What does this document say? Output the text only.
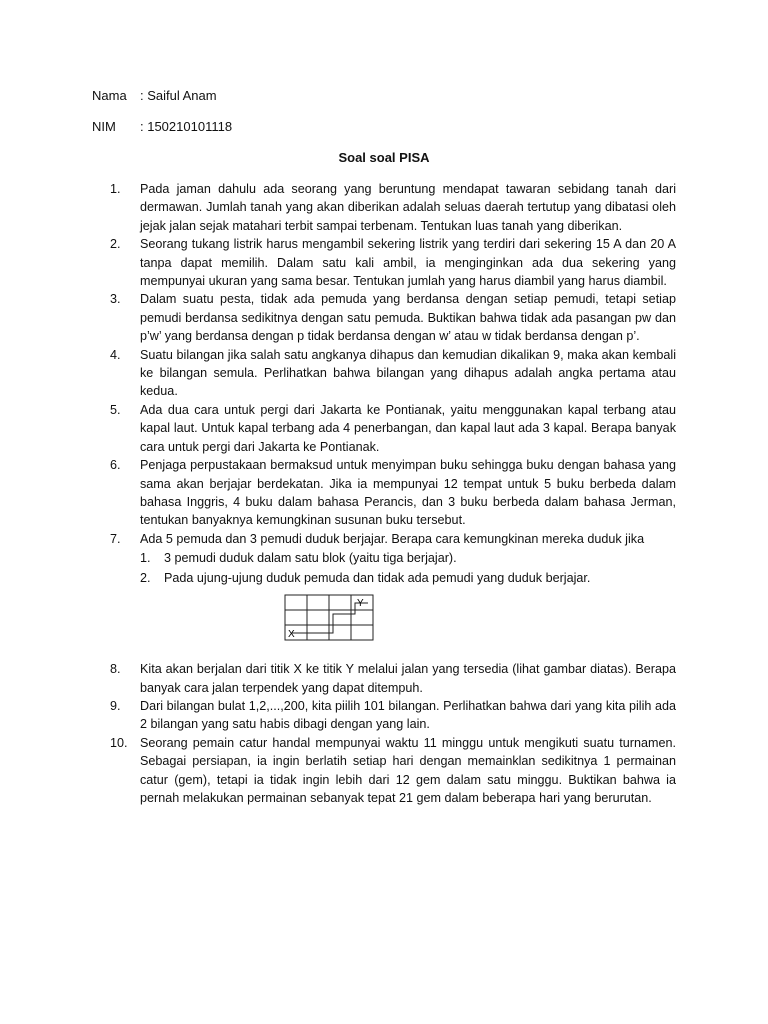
Nama : Saiful Anam
NIM : 150210101118
Soal soal PISA
1. Pada jaman dahulu ada seorang yang beruntung mendapat tawaran sebidang tanah dari dermawan. Jumlah tanah yang akan diberikan adalah seluas daerah tertutup yang dibatasi oleh jejak jalan sejak matahari terbit sampai terbenam. Tentukan luas tanah yang diberikan.
2. Seorang tukang listrik harus mengambil sekering listrik yang terdiri dari sekering 15 A dan 20 A tanpa dapat memilih. Dalam satu kali ambil, ia menginginkan ada dua sekering yang mempunyai ukuran yang sama besar. Tentukan jumlah yang harus diambil yang harus diambil.
3. Dalam suatu pesta, tidak ada pemuda yang berdansa dengan setiap pemudi, tetapi setiap pemudi berdansa sedikitnya dengan satu pemuda. Buktikan bahwa tidak ada pasangan pw dan p’w’ yang berdansa dengan p tidak berdansa dengan w’ atau w tidak berdansa dengan p’.
4. Suatu bilangan jika salah satu angkanya dihapus dan kemudian dikalikan 9, maka akan kembali ke bilangan semula. Perlihatkan bahwa bilangan yang dihapus adalah angka pertama atau kedua.
5. Ada dua cara untuk pergi dari Jakarta ke Pontianak, yaitu menggunakan kapal terbang atau kapal laut. Untuk kapal terbang ada 4 penerbangan, dan kapal laut ada 3 kapal. Berapa banyak cara untuk pergi dari Jakarta ke Pontianak.
6. Penjaga perpustakaan bermaksud untuk menyimpan buku sehingga buku dengan bahasa yang sama akan berjajar berdekatan. Jika ia mempunyai 12 tempat untuk 5 buku berbeda dalam bahasa Inggris, 4 buku dalam bahasa Perancis, dan 3 buku berbeda dalam bahasa Jerman, tentukan banyaknya kemungkinan susunan buku tersebut.
7. Ada 5 pemuda dan 3 pemudi duduk berjajar. Berapa cara kemungkinan mereka duduk jika
1. 3 pemudi duduk dalam satu blok (yaitu tiga berjajar).
2. Pada ujung-ujung duduk pemuda dan tidak ada pemudi yang duduk berjajar.
X
Y
8. Kita akan berjalan dari titik X ke titik Y melalui jalan yang tersedia (lihat gambar diatas). Berapa banyak cara jalan terpendek yang dapat ditempuh.
9. Dari bilangan bulat 1,2,...,200, kita piilih 101 bilangan. Perlihatkan bahwa dari yang kita pilih ada 2 bilangan yang satu habis dibagi dengan yang lain.
10. Seorang pemain catur handal mempunyai waktu 11 minggu untuk mengikuti suatu turnamen. Sebagai persiapan, ia ingin berlatih setiap hari dengan memainklan sedikitnya 1 permainan catur (gem), tetapi ia tidak ingin lebih dari 12 gem dalam satu minggu. Buktikan bahwa ia pernah melakukan permainan sebanyak tepat 21 gem dalam beberapa hari yang berurutan.
